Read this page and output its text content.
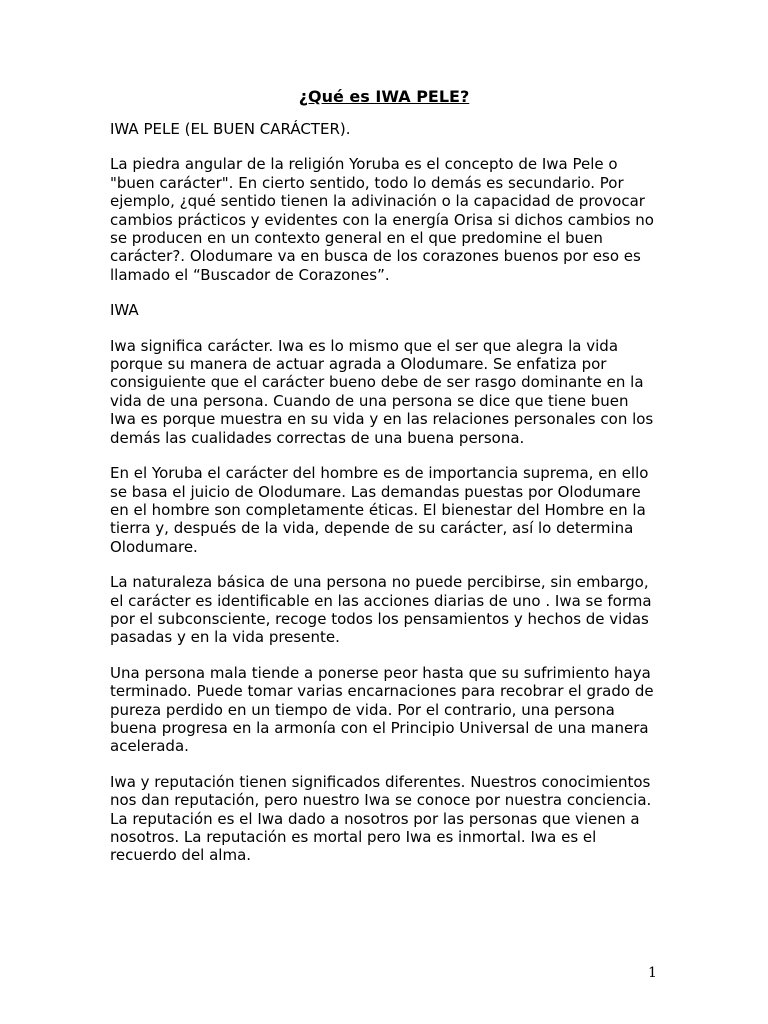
¿Qué es IWA PELE?

IWA PELE (EL BUEN CARÁCTER).

La piedra angular de la religión Yoruba es el concepto de Iwa Pele o "buen carácter". En cierto sentido, todo lo demás es secundario. Por ejemplo, ¿qué sentido tienen la adivinación o la capacidad de provocar cambios prácticos y evidentes con la energía Orisa si dichos cambios no se producen en un contexto general en el que predomine el buen carácter?. Olodumare va en busca de los corazones buenos por eso es llamado el “Buscador de Corazones”.

IWA

Iwa significa carácter. Iwa es lo mismo que el ser que alegra la vida porque su manera de actuar agrada a Olodumare. Se enfatiza por consiguiente que el carácter bueno debe de ser rasgo dominante en la vida de una persona. Cuando de una persona se dice que tiene buen Iwa es porque muestra en su vida y en las relaciones personales con los demás las cualidades correctas de una buena persona.

En el Yoruba el carácter del hombre es de importancia suprema, en ello se basa el juicio de Olodumare. Las demandas puestas por Olodumare en el hombre son completamente éticas. El bienestar del Hombre en la tierra y, después de la vida, depende de su carácter, así lo determina Olodumare.

La naturaleza básica de una persona no puede percibirse, sin embargo, el carácter es identificable en las acciones diarias de uno . Iwa se forma por el subconsciente, recoge todos los pensamientos y hechos de vidas pasadas y en la vida presente.

Una persona mala tiende a ponerse peor hasta que su sufrimiento haya terminado. Puede tomar varias encarnaciones para recobrar el grado de pureza perdido en un tiempo de vida. Por el contrario, una persona buena progresa en la armonía con el Principio Universal de una manera acelerada.

Iwa y reputación tienen significados diferentes. Nuestros conocimientos nos dan reputación, pero nuestro Iwa se conoce por nuestra conciencia. La reputación es el Iwa dado a nosotros por las personas que vienen a nosotros. La reputación es mortal pero Iwa es inmortal. Iwa es el recuerdo del alma.

1
